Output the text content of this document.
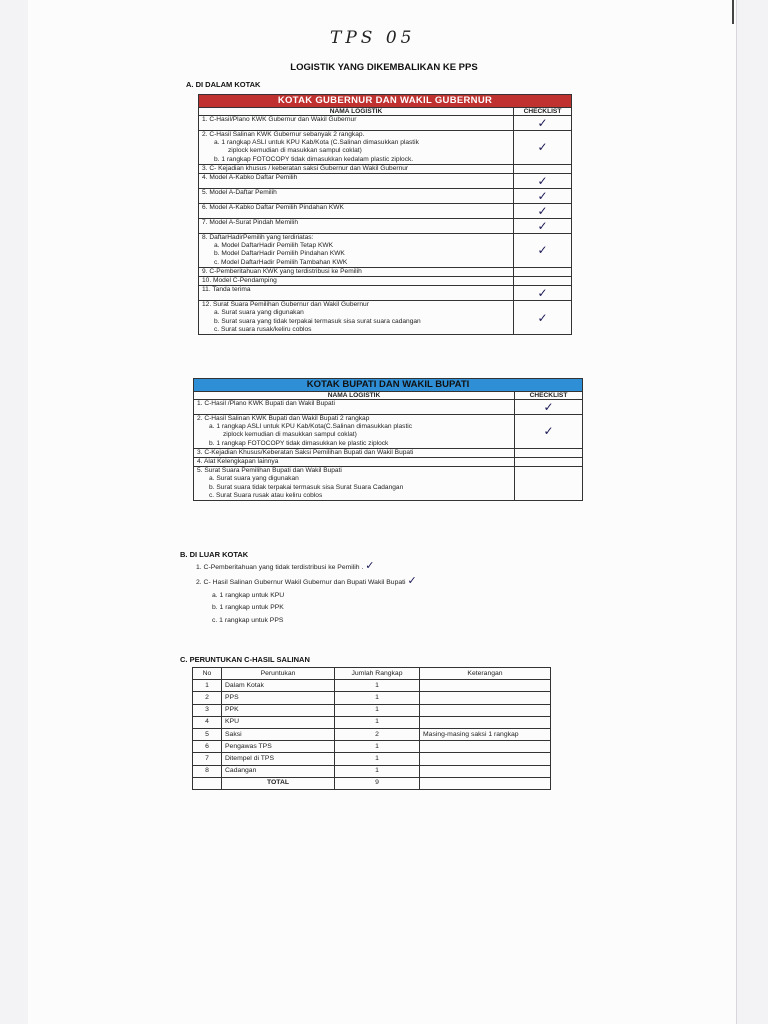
TPS 05
LOGISTIK YANG DIKEMBALIKAN KE PPS
A. DI DALAM KOTAK
KOTAK GUBERNUR DAN WAKIL GUBERNUR	
NAMA LOGISTIK	CHECKLIST

1. C-Hasil/Plano KWK Gubernur dan Wakil Gubernur	✓

2. C-Hasil Salinan KWK Gubernur sebanyak 2 rangkap.
a. 1 rangkap ASLI untuk KPU Kab/Kota (C.Salinan dimasukkan plastik
ziplock kemudian di masukkan sampul coklat)
b. 1 rangkap FOTOCOPY tidak dimasukkan kedalam plastic ziplock.	✓

3. C- Kejadian khusus / keberatan saksi Gubernur dan Wakil Gubernur	

4. Model A-Kabko Daftar Pemilih	✓

5. Model A-Daftar Pemilih	✓

6. Model A-Kabko Daftar Pemilih Pindahan KWK	✓

7. Model A-Surat Pindah Memilih	✓

8. DaftarHadirPemilih yang terdiriatas:
a. Model DaftarHadir Pemilih Tetap KWK
b. Model DaftarHadir Pemilih Pindahan KWK
c. Model DaftarHadir Pemilih Tambahan KWK	✓

9. C-Pemberitahuan KWK yang terdistribusi ke Pemilih	

10. Model C-Pendamping	

11. Tanda terima	✓

12. Surat Suara Pemilihan Gubernur dan Wakil Gubernur
a. Surat suara yang digunakan
b. Surat suara yang tidak terpakai termasuk sisa surat suara cadangan
c. Surat suara rusak/keliru coblos	✓
KOTAK BUPATI DAN WAKIL BUPATI	
NAMA LOGISTIK	CHECKLIST

1. C-Hasil /Plano KWK Bupati dan Wakil Bupati	✓

2. C-Hasil Salinan KWK Bupati dan Wakil Bupati 2 rangkap
a. 1 rangkap ASLI untuk KPU Kab/Kota(C.Salinan dimasukkan plastic
ziplock kemudian di masukkan sampul coklat)
b. 1 rangkap FOTOCOPY tidak dimasukkan ke plastic ziplock	✓

3. C-Kejadian Khusus/Keberatan Saksi Pemilihan Bupati dan Wakil Bupati	

4. Alat Kelengkapan lainnya	

5. Surat Suara Pemilihan Bupati dan Wakil Bupati
a. Surat suara yang digunakan
b. Surat suara tidak terpakai termasuk sisa Surat Suara Cadangan
c. Surat Suara rusak atau keliru coblos	

B. DI LUAR KOTAK
1. C-Pemberitahuan yang tidak terdistribusi ke Pemilih . ✓
2. C- Hasil Salinan Gubernur Wakil Gubernur dan Bupati Wakil Bupati ✓
a. 1 rangkap untuk KPU
b. 1 rangkap untuk PPK
c. 1 rangkap untuk PPS
C. PERUNTUKAN C-HASIL SALINAN
No	Peruntukan	Jumlah Rangkap	Keterangan
1	Dalam Kotak	1	
2	PPS	1	
3	PPK	1	
4	KPU	1	
5	Saksi	2	Masing-masing saksi 1 rangkap
6	Pengawas TPS	1	
7	Ditempel di TPS	1	
8	Cadangan	1	
	TOTAL	9	
